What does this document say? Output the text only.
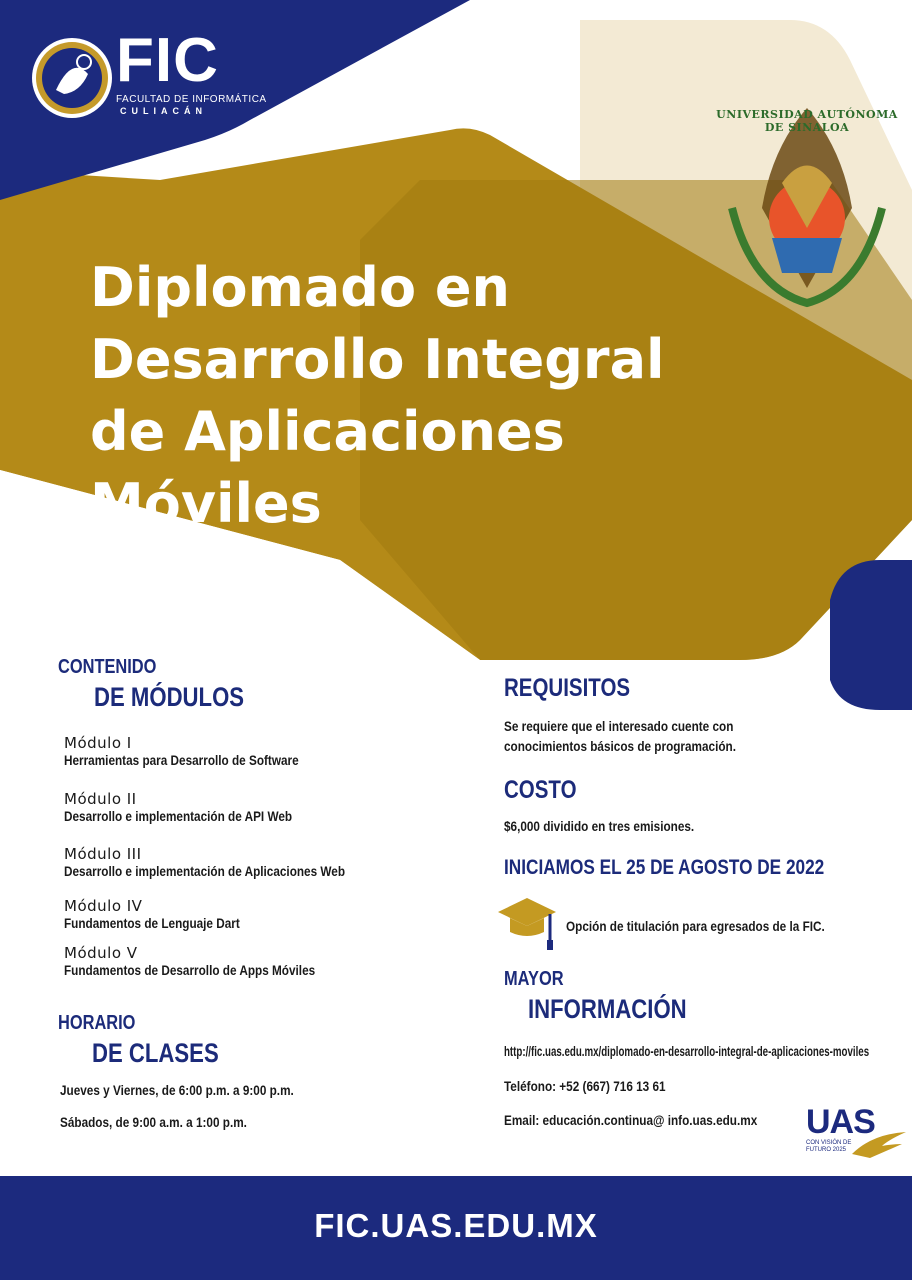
FIC
FACULTAD DE INFORMÁTICA
CULIACÁN	UNIVERSIDAD AUTÓNOMA DE SINALOA
Diplomado en
Desarrollo Integral
de Aplicaciones
Móviles
CONTENIDO
DE MÓDULOS
Módulo I
Herramientas para Desarrollo de Software
Módulo II
Desarrollo e implementación de API Web
Módulo III
Desarrollo e implementación de Aplicaciones Web
Módulo IV
Fundamentos de Lenguaje Dart
Módulo V
Fundamentos de Desarrollo de Apps Móviles
HORARIO
DE CLASES
Jueves y Viernes, de 6:00 p.m. a 9:00 p.m.
Sábados, de 9:00 a.m. a 1:00 p.m.
REQUISITOS
Se requiere que el interesado cuente con
conocimientos básicos de programación.
COSTO
$6,000 dividido en tres emisiones.
INICIAMOS EL 25 DE AGOSTO DE 2022
Opción de titulación para egresados de la FIC.
MAYOR
INFORMACIÓN
http://fic.uas.edu.mx/diplomado-en-desarrollo-integral-de-aplicaciones-moviles
Teléfono: +52 (667) 716 13 61
Email: educación.continua@ info.uas.edu.mx UAS
CON VISIÓN DE FUTURO 2025
FIC.UAS.EDU.MX
